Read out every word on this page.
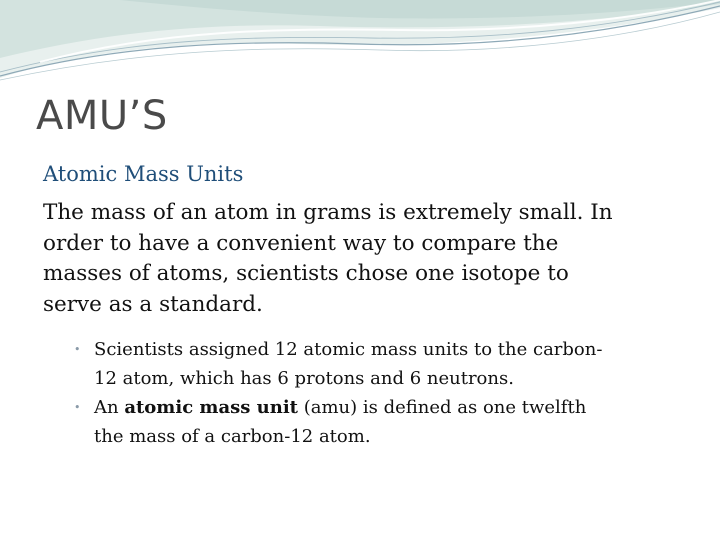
AMU’S
Atomic Mass Units

The mass of an atom in grams is extremely small. In
order to have a convenient way to compare the
masses of atoms, scientists chose one isotope to
serve as a standard.

• Scientists assigned 12 atomic mass units to the carbon-
12 atom, which has 6 protons and 6 neutrons.
• An atomic mass unit (amu) is defined as one twelfth
the mass of a carbon-12 atom.
